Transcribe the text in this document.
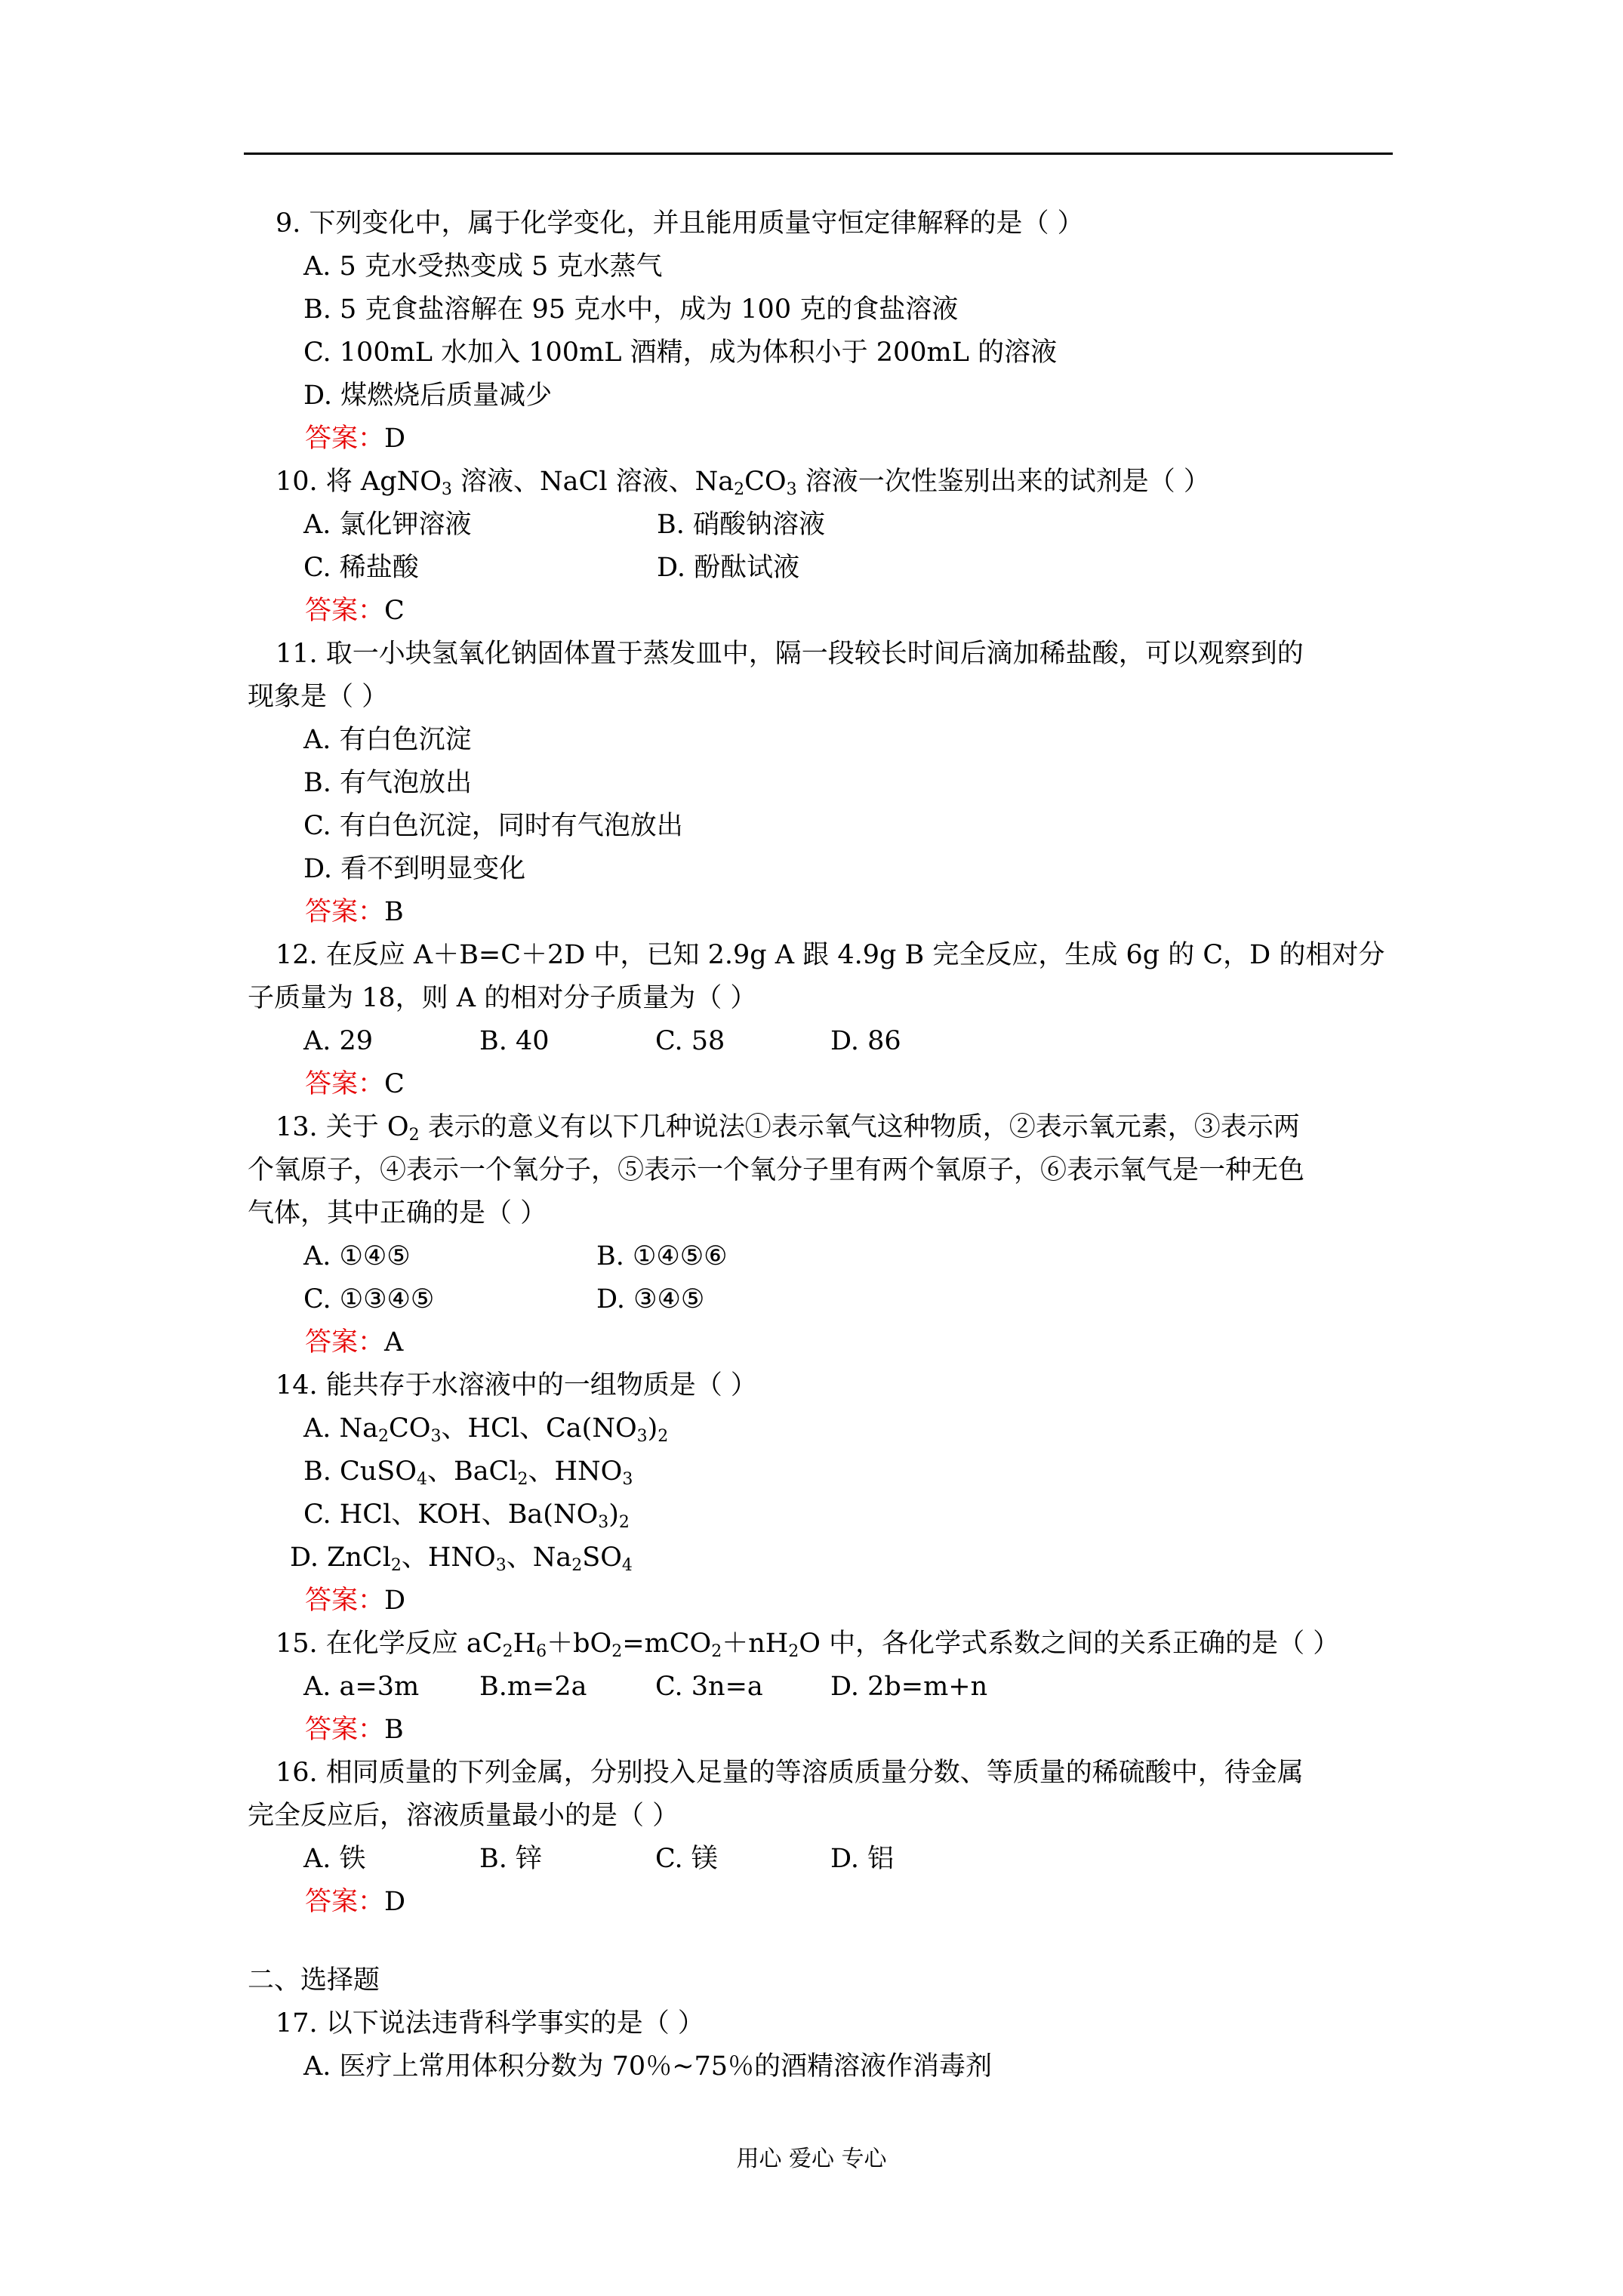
9. 下列变化中，属于化学变化，并且能用质量守恒定律解释的是（ ）
A. 5 克水受热变成 5 克水蒸气
B. 5 克食盐溶解在 95 克水中，成为 100 克的食盐溶液
C. 100mL 水加入 100mL 酒精，成为体积小于 200mL 的溶液
D. 煤燃烧后质量减少
答案：D
10. 将 AgNO$_3$ 溶液、NaCl 溶液、$Na_2CO_3$ 溶液一次性鉴别出来的试剂是（ ）
A. 氯化钾溶液	B. 硝酸钠溶液
C. 稀盐酸	D. 酚酞试液
答案：C
11. 取一小块氢氧化钠固体置于蒸发皿中，隔一段较长时间后滴加稀盐酸，可以观察到的
现象是（ ）
A. 有白色沉淀
B. 有气泡放出
C. 有白色沉淀，同时有气泡放出
D. 看不到明显变化
答案：B
12. 在反应 A＋B=C＋2D 中，已知 2.9g A 跟 4.9g B 完全反应，生成 6g 的 C，D 的相对分
子质量为 18，则 A 的相对分子质量为（ ）
A. 29	B. 40	C. 58	D. 86
答案：C
13. 关于 $O_2$ 表示的意义有以下几种说法①表示氧气这种物质，②表示氧元素，③表示两
个氧原子，④表示一个氧分子，⑤表示一个氧分子里有两个氧原子，⑥表示氧气是一种无色
气体，其中正确的是（ ）
A. ①④⑤	B. ①④⑤⑥
C. ①③④⑤	D. ③④⑤
答案：A
14. 能共存于水溶液中的一组物质是（ ）
A. $Na_2CO_3$、HCl、$Ca(NO_3)_2$
B. CuSO$_4$、BaCl$_2$、$HNO_3$
C. HCl、KOH、$Ba(NO_3)_2$
D. ZnCl$_2$、$HNO_3$、$Na_2SO_4$
答案：D
15. 在化学反应 $aC_2H_6+bO_2=mCO_2+nH_2O$ 中，各化学式系数之间的关系正确的是（ ）
A. a=3m B.m=2a	C. 3n=a	D. 2b=m+n
答案：B
16. 相同质量的下列金属，分别投入足量的等溶质质量分数、等质量的稀硫酸中，待金属
完全反应后，溶液质量最小的是（ ）
A. 铁	B. 锌	C. 镁	D. 铝
答案：D
二、选择题
17. 以下说法违背科学事实的是（ ）
A. 医疗上常用体积分数为 70％~75％的酒精溶液作消毒剂
用心 爱心 专心
